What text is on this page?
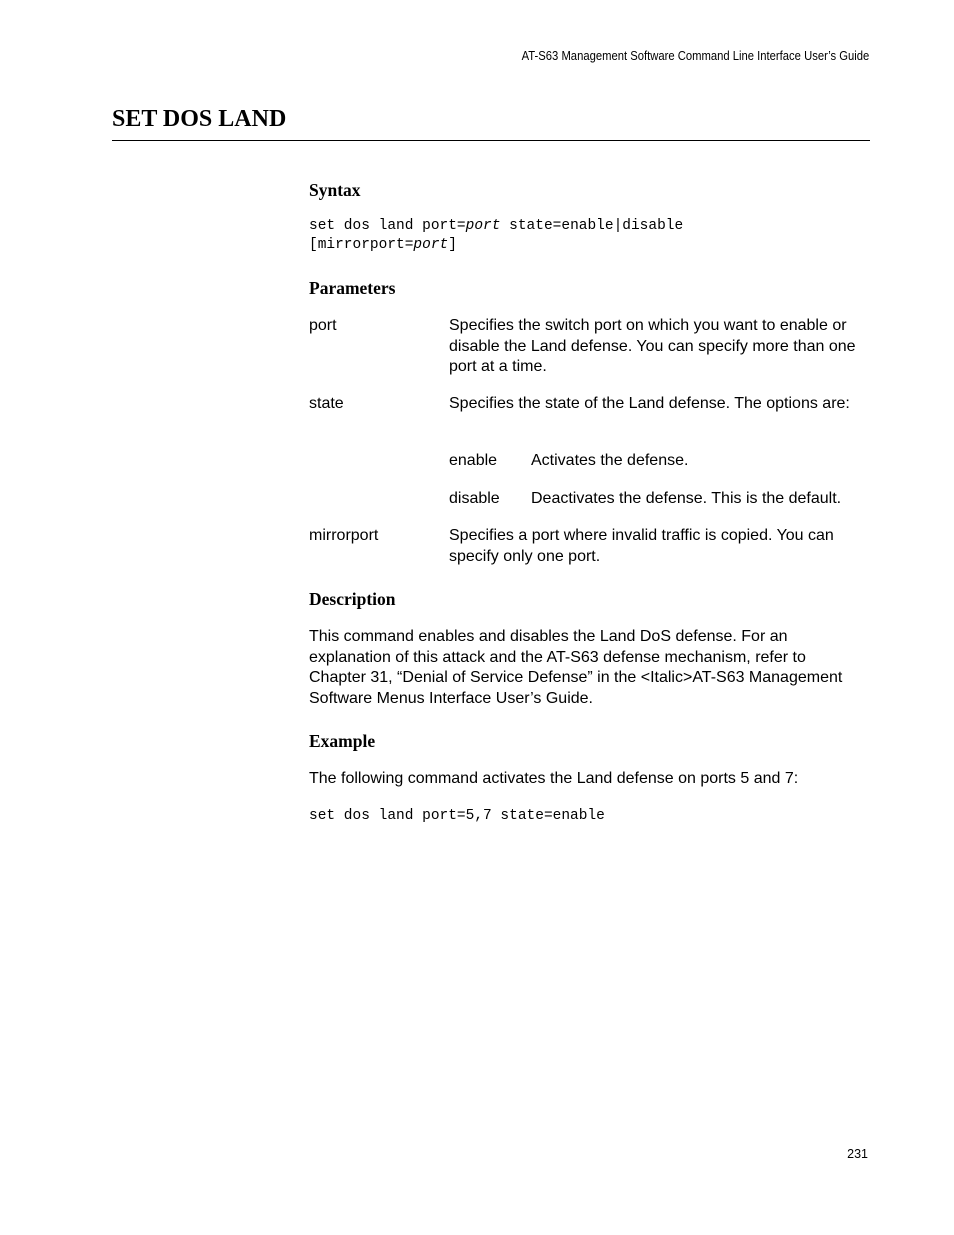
AT-S63 Management Software Command Line Interface User’s Guide
SET DOS LAND
Syntax
set dos land port=port state=enable|disable
[mirrorport=port]
Parameters
port	Specifies the switch port on which you want to enable or disable the Land defense. You can specify more than one port at a time.
state	Specifies the state of the Land defense. The options are:
enable Activates the defense.
disable Deactivates the defense. This is the default.
mirrorport	Specifies a port where invalid traffic is copied. You can specify only one port.
Description
This command enables and disables the Land DoS defense. For an explanation of this attack and the AT-S63 defense mechanism, refer to Chapter 31, “Denial of Service Defense” in the <Italic>AT-S63 Management Software Menus Interface User’s Guide.
Example
The following command activates the Land defense on ports 5 and 7:
set dos land port=5,7 state=enable
231
